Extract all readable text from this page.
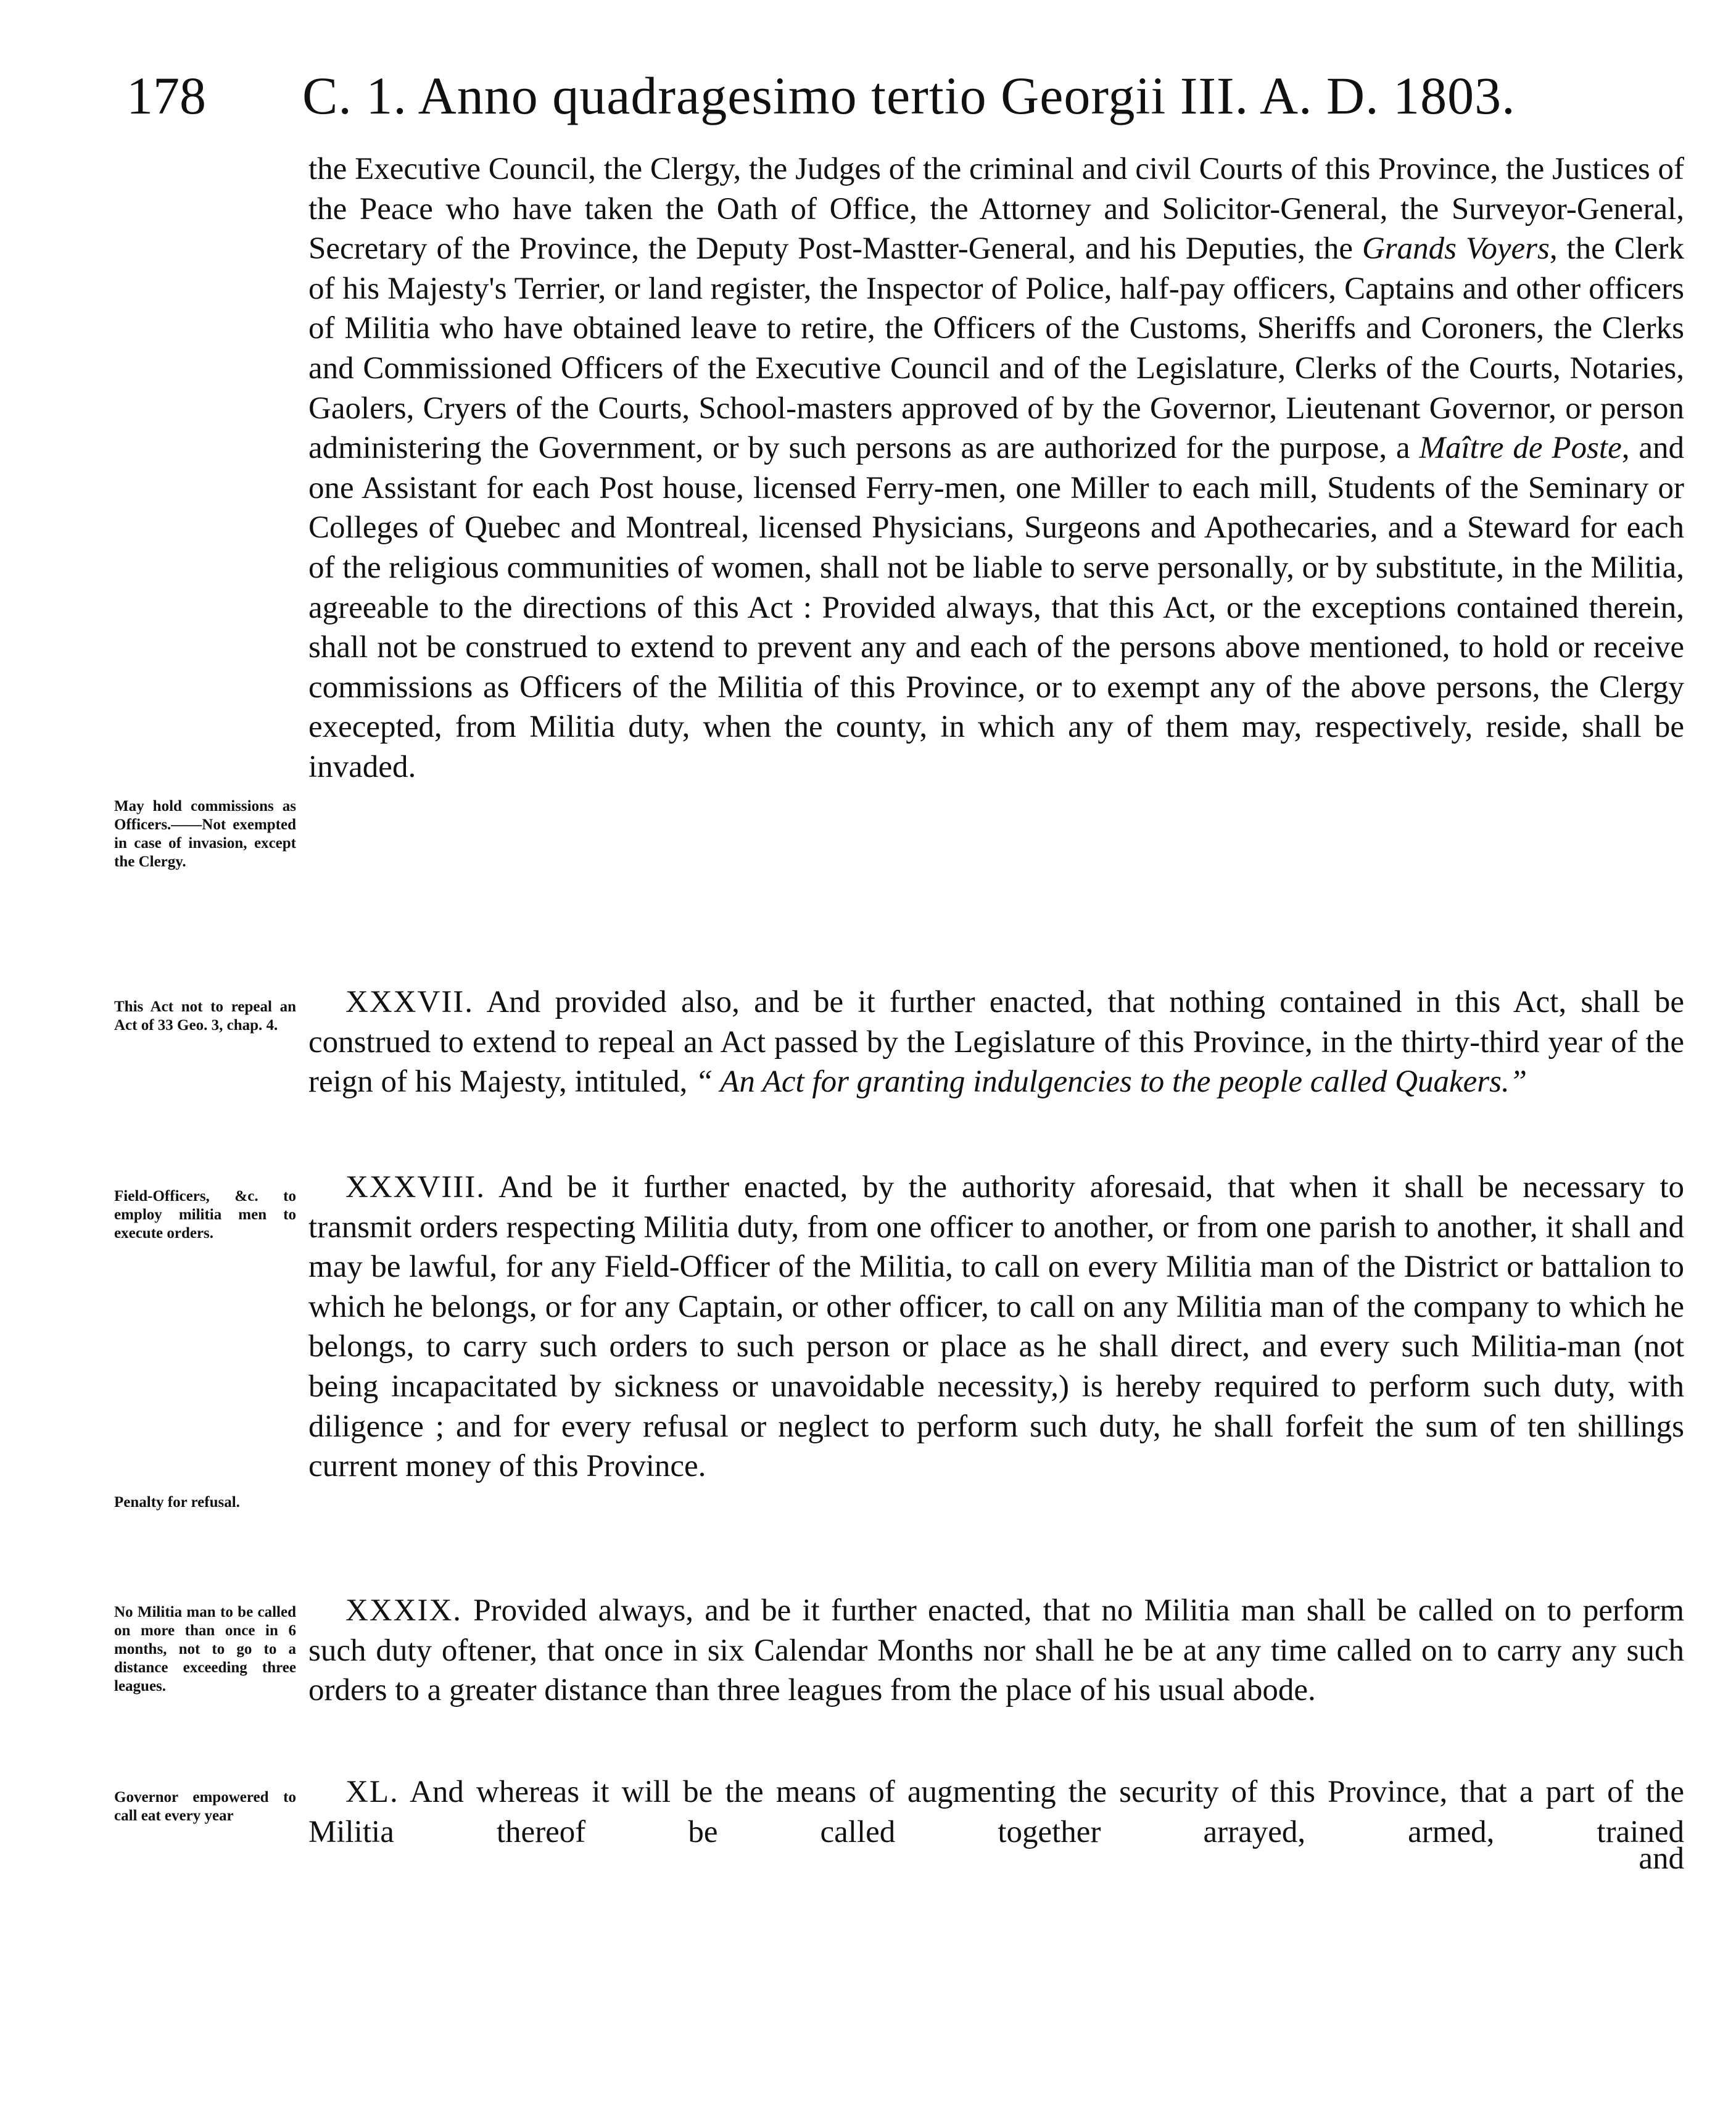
178 C. 1. Anno quadragesimo tertio Georgii III. A. D. 1803.
the Executive Council, the Clergy, the Judges of the criminal and civil Courts of this Province, the Justices of the Peace who have taken the Oath of Office, the Attorney and Solicitor-General, the Surveyor-General, Secretary of the Province, the Deputy Post-Mastter-General, and his Deputies, the Grands Voyers, the Clerk of his Majesty's Terrier, or land register, the Inspector of Police, half-pay officers, Captains and other officers of Militia who have obtained leave to retire, the Officers of the Customs, Sheriffs and Coroners, the Clerks and Commissioned Officers of the Executive Council and of the Legislature, Clerks of the Courts, Notaries, Gaolers, Cryers of the Courts, School-masters approved of by the Governor, Lieutenant Governor, or person administering the Government, or by such persons as are authorized for the purpose, a Maître de Poste, and one Assistant for each Post house, licensed Ferry-men, one Miller to each mill, Students of the Seminary or Colleges of Quebec and Montreal, licensed Physicians, Surgeons and Apothecaries, and a Steward for each of the religious communities of women, shall not be liable to serve personally, or by substitute, in the Militia, agreeable to the directions of this Act : Provided always, that this Act, or the exceptions contained therein, shall not be construed to extend to prevent any and each of the persons above mentioned, to hold or receive commissions as Officers of the Militia of this Province, or to exempt any of the above persons, the Clergy execepted, from Militia duty, when the county, in which any of them may, respectively, reside, shall be invaded.
XXXVII. And provided also, and be it further enacted, that nothing contained in this Act, shall be construed to extend to repeal an Act passed by the Legislature of this Province, in the thirty-third year of the reign of his Majesty, intituled, “ An Act for granting indulgencies to the people called Quakers.”
XXXVIII. And be it further enacted, by the authority aforesaid, that when it shall be necessary to transmit orders respecting Militia duty, from one officer to another, or from one parish to another, it shall and may be lawful, for any Field-Officer of the Militia, to call on every Militia man of the District or battalion to which he belongs, or for any Captain, or other officer, to call on any Militia man of the company to which he belongs, to carry such orders to such person or place as he shall direct, and every such Militia-man (not being incapacitated by sickness or unavoidable necessity,) is hereby required to perform such duty, with diligence ; and for every refusal or neglect to perform such duty, he shall forfeit the sum of ten shillings current money of this Province.
XXXIX. Provided always, and be it further enacted, that no Militia man shall be called on to perform such duty oftener, that once in six Calendar Months nor shall he be at any time called on to carry any such orders to a greater distance than three leagues from the place of his usual abode.
XL. And whereas it will be the means of augmenting the security of this Province, that a part of the Militia thereof be called together arrayed, armed, trained
and
May hold commissions as Officers.——Not exempted in case of invasion, except the Clergy.
This Act not to repeal an Act of 33 Geo. 3, chap. 4.
Field-Officers, &c. to employ militia men to execute orders.
Penalty for refusal.
No Militia man to be called on more than once in 6 months, not to go to a distance exceeding three leagues.
Governor empowered to call eat every year
